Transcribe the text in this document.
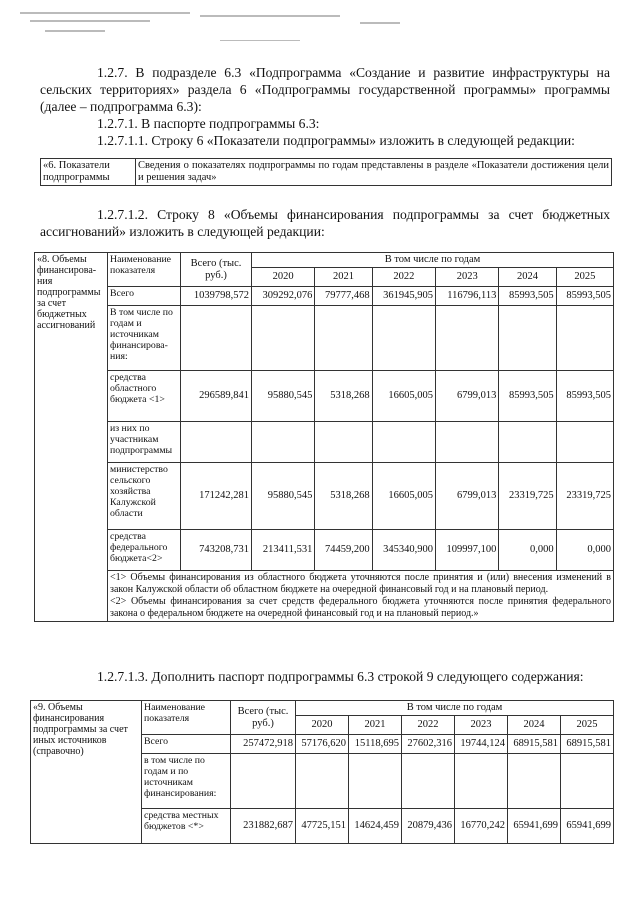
1.2.7. В подразделе 6.3 «Подпрограмма «Создание и развитие инфраструктуры на сельских территориях» раздела 6 «Подпрограммы государственной программы» программы (далее – подпрограмма 6.3):
1.2.7.1. В паспорте подпрограммы 6.3:
1.2.7.1.1. Строку 6 «Показатели подпрограммы» изложить в следующей редакции:
«6. Показатели подпрограммы	Сведения о показателях подпрограммы по годам представлены в разделе «Показатели достижения цели и решения задач»
1.2.7.1.2. Строку 8 «Объемы финансирования подпрограммы за счет бюджетных ассигнований» изложить в следующей редакции:
«8. Объемы финансирова-ния подпрограммы за счет бюджетных ассигнований	Наименование показателя	Всего (тыс. руб.)	В том числе по годам					
			2020	2021	2022	2023	2024	2025
	Всего	1039798,572	309292,076	79777,468	361945,905	116796,113	85993,505	85993,505
	В том числе по годам и источникам финансирова-ния:							
	средства областного бюджета <1>	296589,841	95880,545	5318,268	16605,005	6799,013	85993,505	85993,505
	из них по участникам подпрограммы							
	министерство сельского хозяйства Калужской области	171242,281	95880,545	5318,268	16605,005	6799,013	23319,725	23319,725
	средства федерального бюджета<2>	743208,731	213411,531	74459,200	345340,900	109997,100	0,000	0,000

	<1> Объемы финансирования из областного бюджета уточняются после принятия и (или) внесения изменений в закон Калужской области об областном бюджете на очередной финансовый год и на плановый период.
<2> Объемы финансирования за счет средств федерального бюджета уточняются после принятия федерального закона о федеральном бюджете на очередной финансовый год и на плановый период.»							
1.2.7.1.3. Дополнить паспорт подпрограммы 6.3 строкой 9 следующего содержания:
«9. Объемы финансирования подпрограммы за счет иных источников (справочно)	Наименование показателя	Всего (тыс. руб.)	В том числе по годам					
			2020	2021	2022	2023	2024	2025
	Всего	257472,918	57176,620	15118,695	27602,316	19744,124	68915,581	68915,581
	в том числе по годам и по источникам финансирования:							
	средства местных бюджетов <*>	231882,687	47725,151	14624,459	20879,436	16770,242	65941,699	65941,699
